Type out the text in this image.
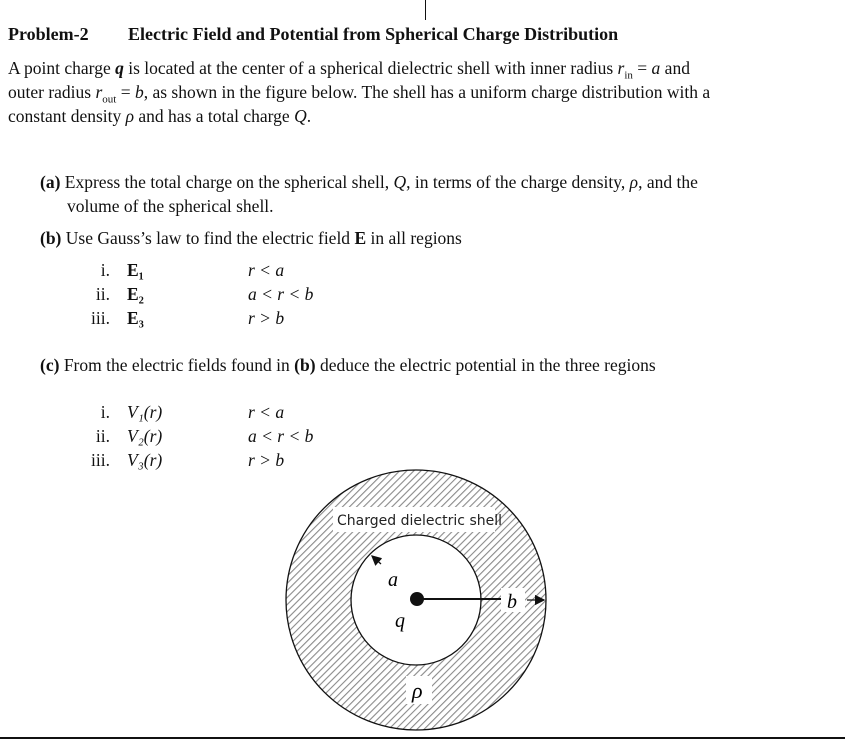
Problem-2 Electric Field and Potential from Spherical Charge Distribution
A point charge q is located at the center of a spherical dielectric shell with inner radius $r_{in} = a$ and
outer radius $r_{out} = b$, as shown in the figure below. The shell has a uniform charge distribution with a
constant density ρ and has a total charge Q.
(a) Express the total charge on the spherical shell, Q, in terms of the charge density, ρ, and the
volume of the spherical shell.
(b) Use Gauss’s law to find the electric field E in all regions
i. E₁	r < a
ii. E₂	a < r < b
iii. E₃	r > b
(c) From the electric fields found in (b) deduce the electric potential in the three regions
i. V₁(r)	r < a
ii. V₂(r)	a < r < b
iii. V₃(r)	r > b
Charged dielectric shell
a
b
q
ρ
